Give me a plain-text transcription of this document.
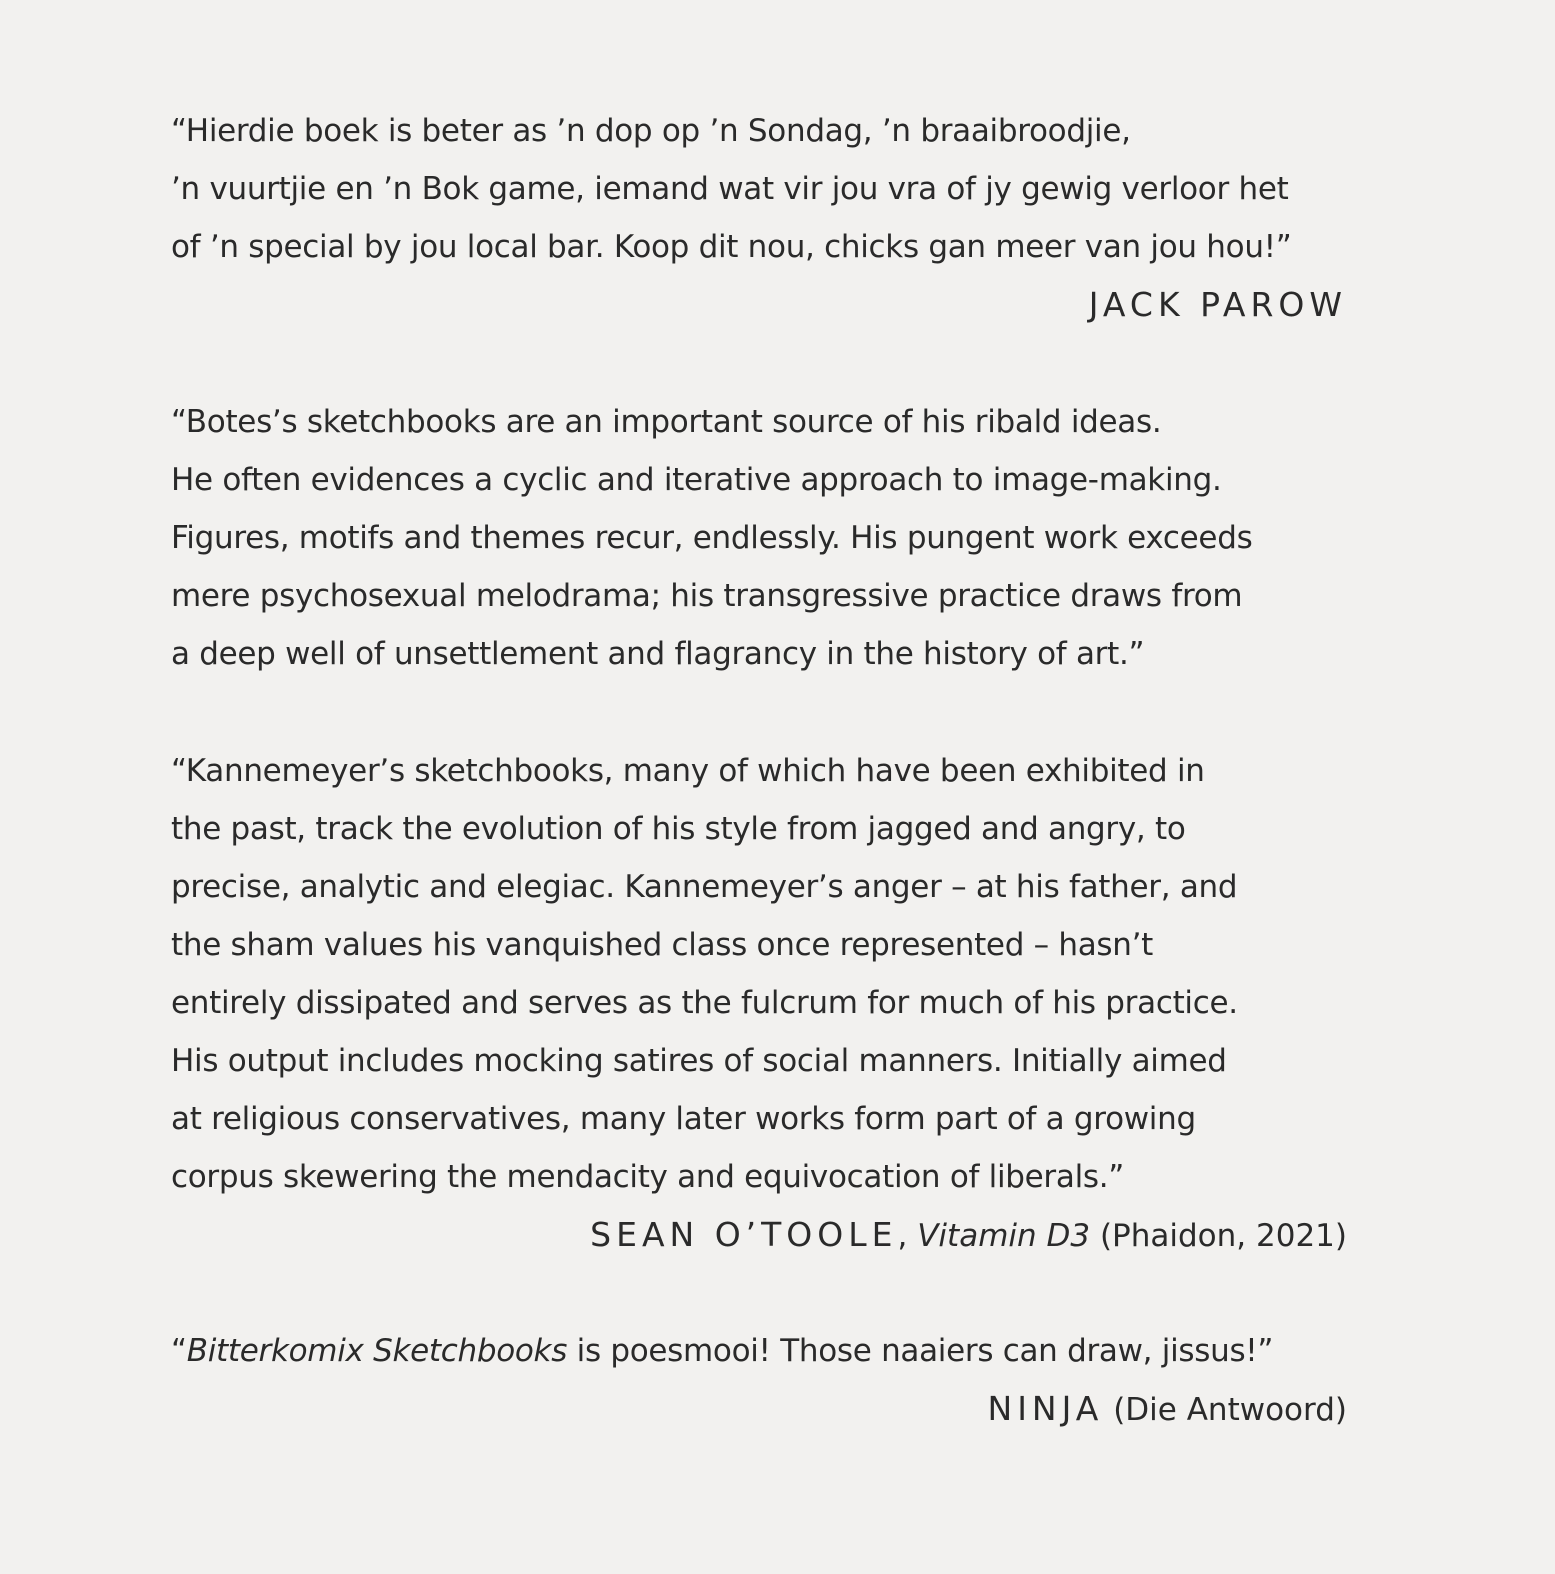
“Hierdie boek is beter as ’n dop op ’n Sondag, ’n braaibroodjie,
’n vuurtjie en ’n Bok game, iemand wat vir jou vra of jy gewig verloor het
of ’n special by jou local bar. Koop dit nou, chicks gan meer van jou hou!”
JACK PAROW
“Botes’s sketchbooks are an important source of his ribald ideas.
He often evidences a cyclic and iterative approach to image-making.
Figures, motifs and themes recur, endlessly. His pungent work exceeds
mere psychosexual melodrama; his transgressive practice draws from
a deep well of unsettlement and flagrancy in the history of art.”
“Kannemeyer’s sketchbooks, many of which have been exhibited in
the past, track the evolution of his style from jagged and angry, to
precise, analytic and elegiac. Kannemeyer’s anger – at his father, and
the sham values his vanquished class once represented – hasn’t
entirely dissipated and serves as the fulcrum for much of his practice.
His output includes mocking satires of social manners. Initially aimed
at religious conservatives, many later works form part of a growing
corpus skewering the mendacity and equivocation of liberals.”
SEAN O’TOOLE, Vitamin D3 (Phaidon, 2021)
“Bitterkomix Sketchbooks is poesmooi! Those naaiers can draw, jissus!”
NINJA (Die Antwoord)
